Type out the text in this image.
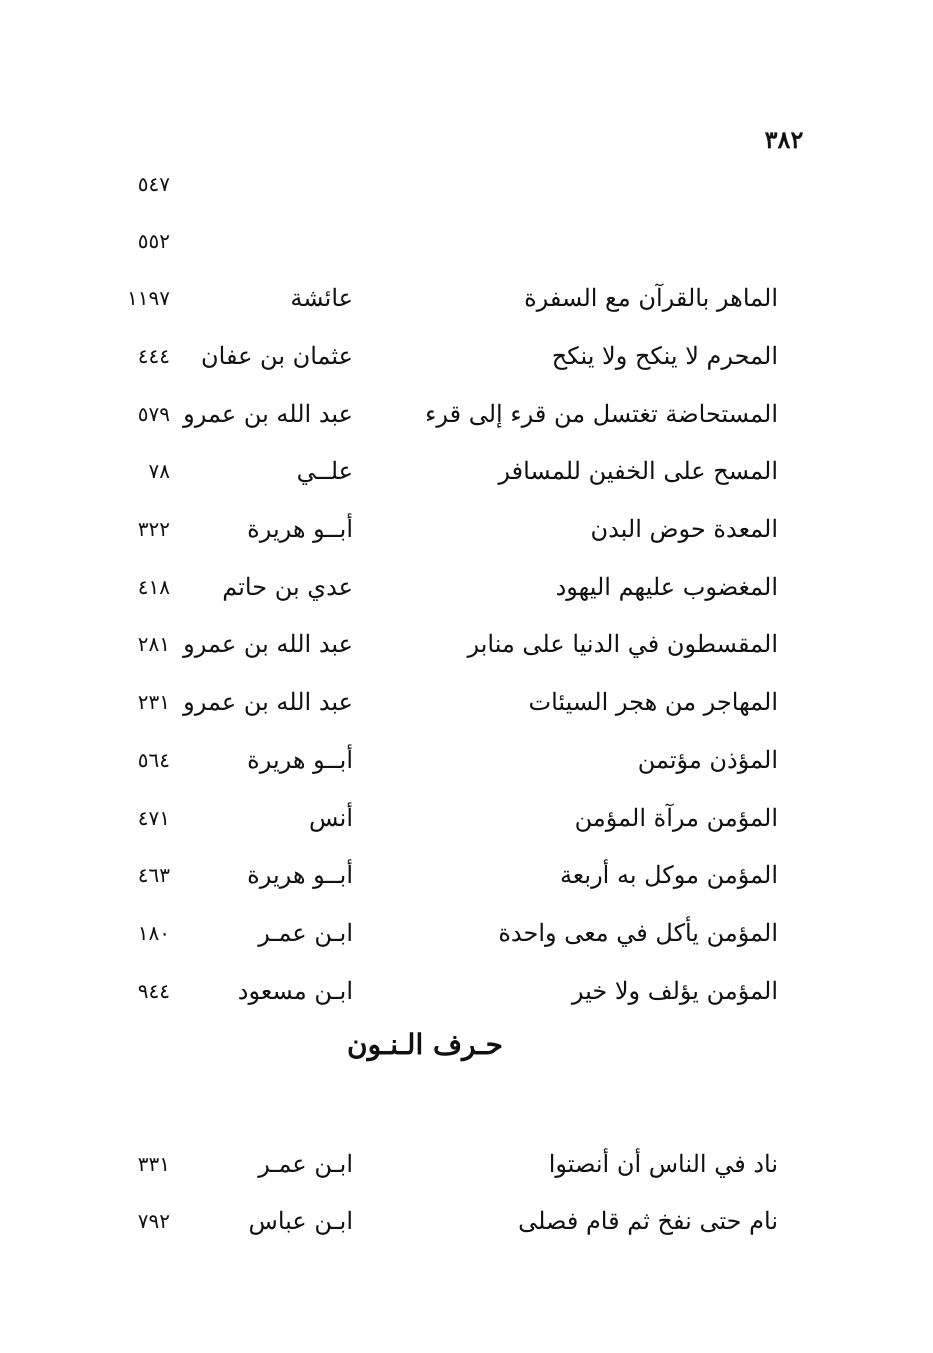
٣٨٢
٥٤٧
٥٥٢
الماهر بالقرآن مع السفرة
عائشة
١١٩٧
المحرم لا ينكح ولا ينكح
عثمان بن عفان
٤٤٤
المستحاضة تغتسل من قرء إلى قرء
عبد الله بن عمرو
٥٧٩
المسح على الخفين للمسافر
علــي
٧٨
المعدة حوض البدن
أبــو هريرة
٣٢٢
المغضوب عليهم اليهود
عدي بن حاتم
٤١٨
المقسطون في الدنيا على منابر
عبد الله بن عمرو
٢٨١
المهاجر من هجر السيئات
عبد الله بن عمرو
٢٣١
المؤذن مؤتمن
أبــو هريرة
٥٦٤
المؤمن مرآة المؤمن
أنس
٤٧١
المؤمن موكل به أربعة
أبــو هريرة
٤٦٣
المؤمن يأكل في معى واحدة
ابـن عمـر
١٨٠
المؤمن يؤلف ولا خير
ابـن مسعود
٩٤٤
حـرف الـنـون
ناد في الناس أن أنصتوا
ابـن عمـر
٣٣١
نام حتى نفخ ثم قام فصلى
ابـن عباس
٧٩٢
